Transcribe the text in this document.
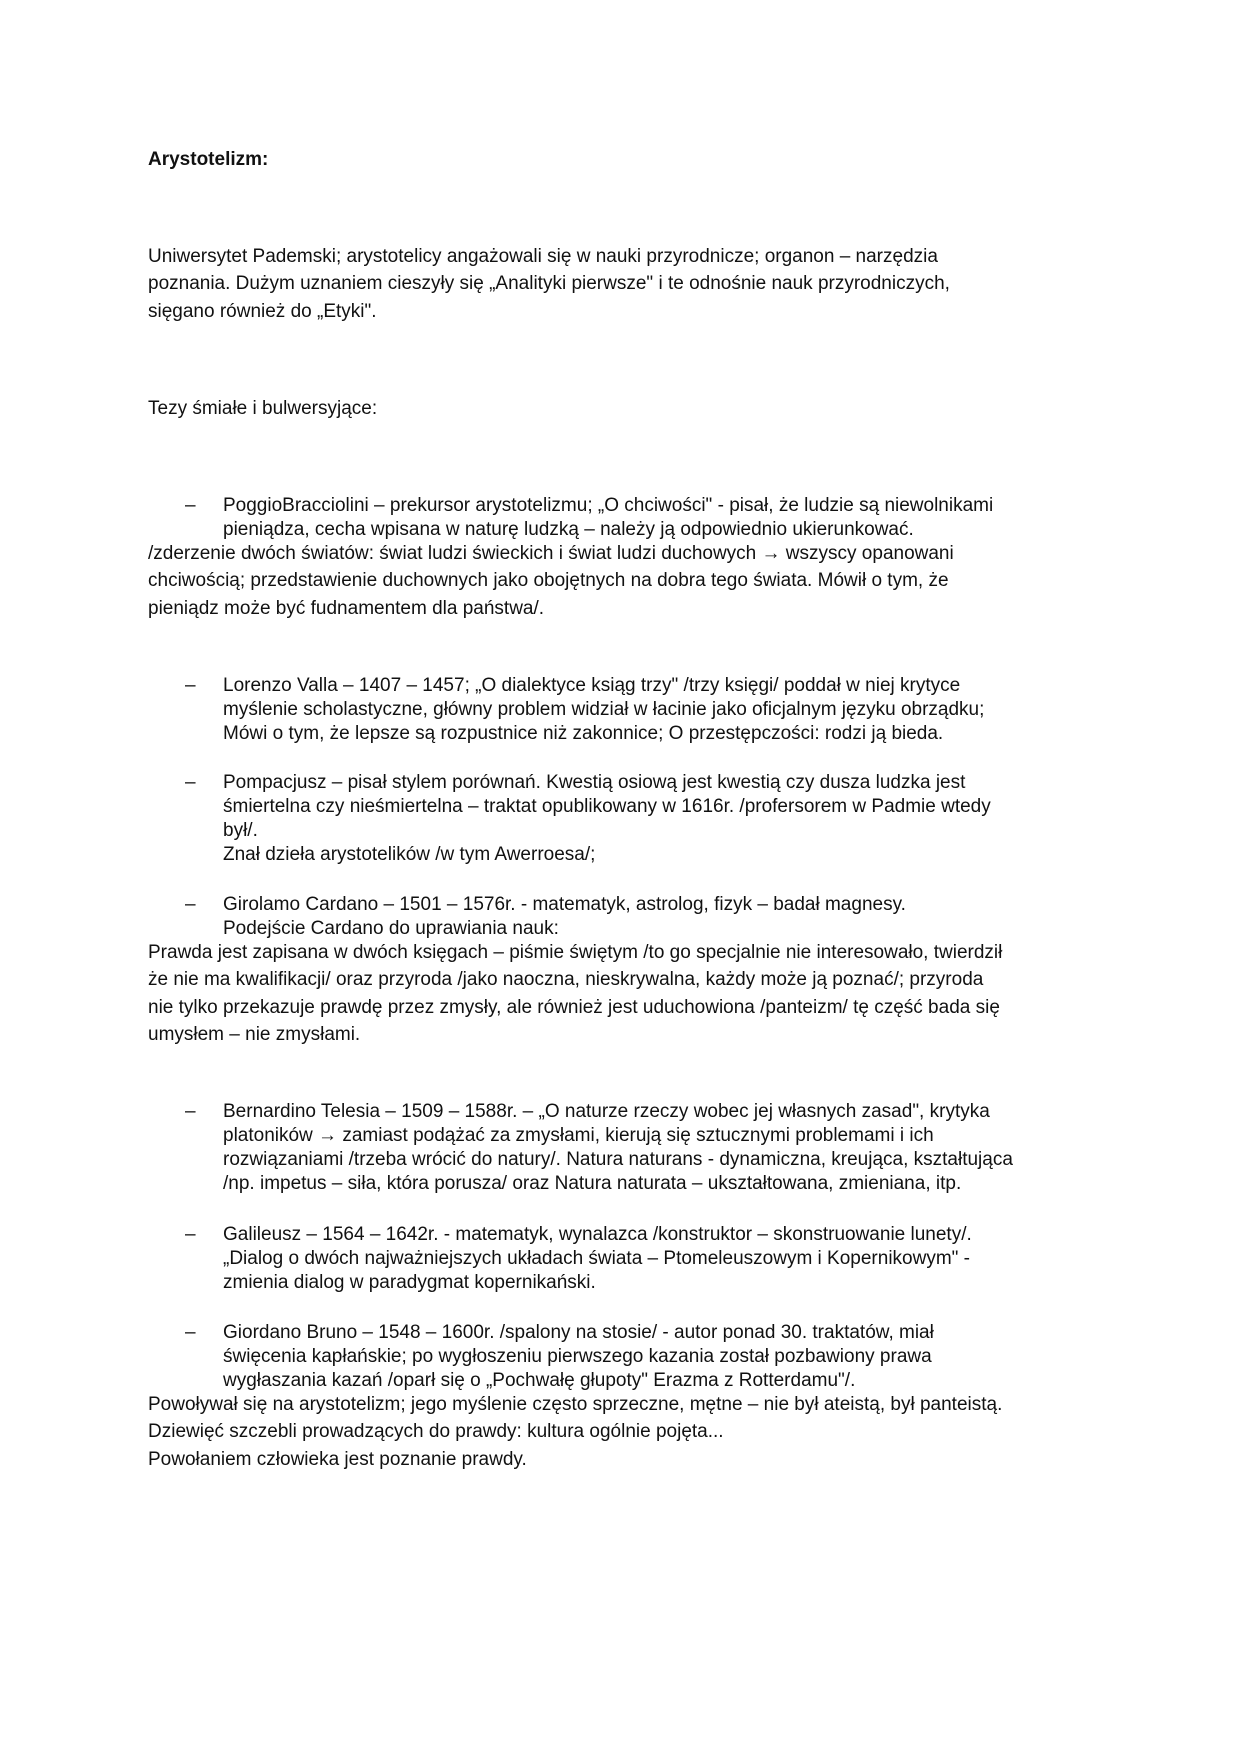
Arystotelizm:
Uniwersytet Pademski; arystotelicy angażowali się w nauki przyrodnicze; organon – narzędzia
poznania. Dużym uznaniem cieszyły się „Analityki pierwsze" i te odnośnie nauk przyrodniczych,
sięgano również do „Etyki".
Tezy śmiałe i bulwersyjące:
– PoggioBracciolini – prekursor arystotelizmu; „O chciwości" - pisał, że ludzie są niewolnikami
pieniądza, cecha wpisana w naturę ludzką – należy ją odpowiednio ukierunkować.
/zderzenie dwóch światów: świat ludzi świeckich i świat ludzi duchowych → wszyscy opanowani
chciwością; przedstawienie duchownych jako obojętnych na dobra tego świata. Mówił o tym, że
pieniądz może być fudnamentem dla państwa/.
– Lorenzo Valla – 1407 – 1457; „O dialektyce ksiąg trzy" /trzy księgi/ poddał w niej krytyce
myślenie scholastyczne, główny problem widział w łacinie jako oficjalnym języku obrządku;
Mówi o tym, że lepsze są rozpustnice niż zakonnice; O przestępczości: rodzi ją bieda.
– Pompacjusz – pisał stylem porównań. Kwestią osiową jest kwestią czy dusza ludzka jest
śmiertelna czy nieśmiertelna – traktat opublikowany w 1616r. /profersorem w Padmie wtedy
był/.
Znał dzieła arystotelików /w tym Awerroesa/;
– Girolamo Cardano – 1501 – 1576r. - matematyk, astrolog, fizyk – badał magnesy.
Podejście Cardano do uprawiania nauk:
Prawda jest zapisana w dwóch księgach – piśmie świętym /to go specjalnie nie interesowało, twierdził
że nie ma kwalifikacji/ oraz przyroda /jako naoczna, nieskrywalna, każdy może ją poznać/; przyroda
nie tylko przekazuje prawdę przez zmysły, ale również jest uduchowiona /panteizm/ tę część bada się
umysłem – nie zmysłami.
– Bernardino Telesia – 1509 – 1588r. – „O naturze rzeczy wobec jej własnych zasad", krytyka
platoników → zamiast podążać za zmysłami, kierują się sztucznymi problemami i ich
rozwiązaniami /trzeba wrócić do natury/. Natura naturans - dynamiczna, kreująca, kształtująca
/np. impetus – siła, która porusza/ oraz Natura naturata – ukształtowana, zmieniana, itp.
– Galileusz – 1564 – 1642r. - matematyk, wynalazca /konstruktor – skonstruowanie lunety/.
„Dialog o dwóch najważniejszych układach świata – Ptomeleuszowym i Kopernikowym" -
zmienia dialog w paradygmat kopernikański.
– Giordano Bruno – 1548 – 1600r. /spalony na stosie/ - autor ponad 30. traktatów, miał
święcenia kapłańskie; po wygłoszeniu pierwszego kazania został pozbawiony prawa
wygłaszania kazań /oparł się o „Pochwałę głupoty" Erazma z Rotterdamu"/.
Powoływał się na arystotelizm; jego myślenie często sprzeczne, mętne – nie był ateistą, był panteistą.
Dziewięć szczebli prowadzących do prawdy: kultura ogólnie pojęta...
Powołaniem człowieka jest poznanie prawdy.
